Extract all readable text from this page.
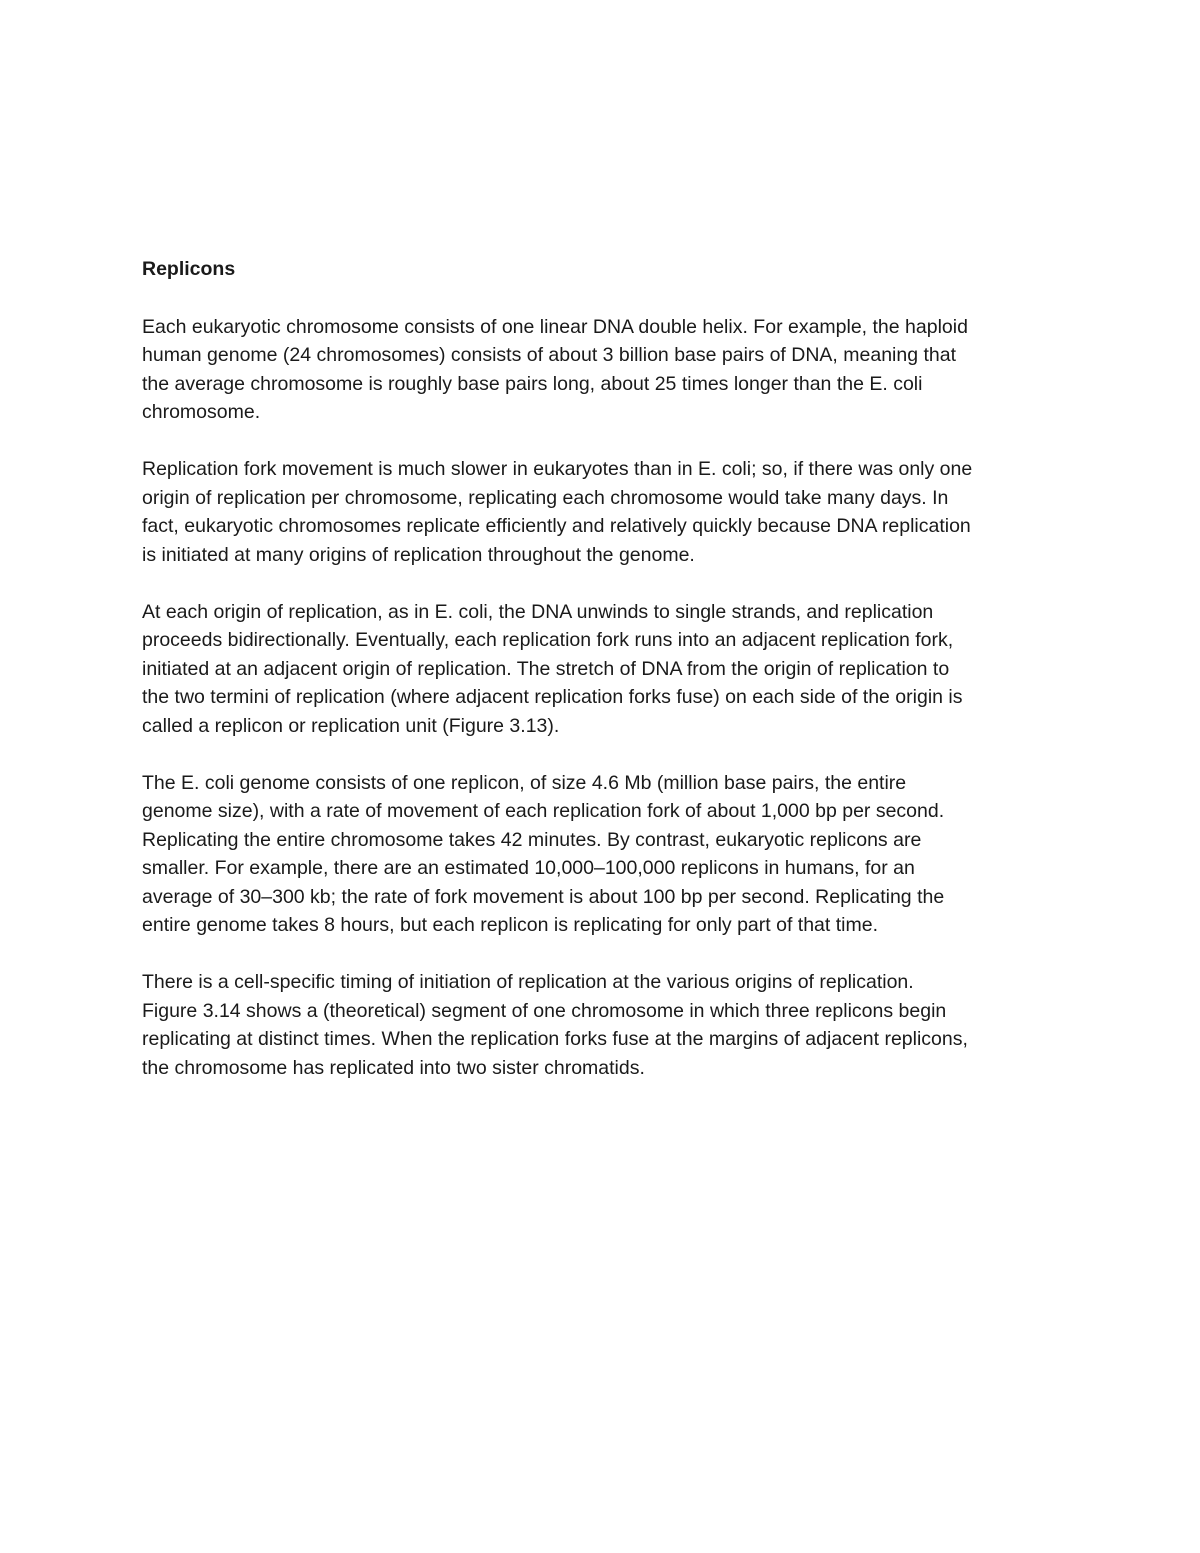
Replicons

Each eukaryotic chromosome consists of one linear DNA double helix. For example, the haploid
human genome (24 chromosomes) consists of about 3 billion base pairs of DNA, meaning that
the average chromosome is roughly base pairs long, about 25 times longer than the E. coli
chromosome.

Replication fork movement is much slower in eukaryotes than in E. coli; so, if there was only one
origin of replication per chromosome, replicating each chromosome would take many days. In
fact, eukaryotic chromosomes replicate efficiently and relatively quickly because DNA replication
is initiated at many origins of replication throughout the genome.

At each origin of replication, as in E. coli, the DNA unwinds to single strands, and replication
proceeds bidirectionally. Eventually, each replication fork runs into an adjacent replication fork,
initiated at an adjacent origin of replication. The stretch of DNA from the origin of replication to
the two termini of replication (where adjacent replication forks fuse) on each side of the origin is
called a replicon or replication unit (Figure 3.13).

The E. coli genome consists of one replicon, of size 4.6 Mb (million base pairs, the entire
genome size), with a rate of movement of each replication fork of about 1,000 bp per second.
Replicating the entire chromosome takes 42 minutes. By contrast, eukaryotic replicons are
smaller. For example, there are an estimated 10,000–100,000 replicons in humans, for an
average of 30–300 kb; the rate of fork movement is about 100 bp per second. Replicating the
entire genome takes 8 hours, but each replicon is replicating for only part of that time.

There is a cell-specific timing of initiation of replication at the various origins of replication.
Figure 3.14 shows a (theoretical) segment of one chromosome in which three replicons begin
replicating at distinct times. When the replication forks fuse at the margins of adjacent replicons,
the chromosome has replicated into two sister chromatids.
